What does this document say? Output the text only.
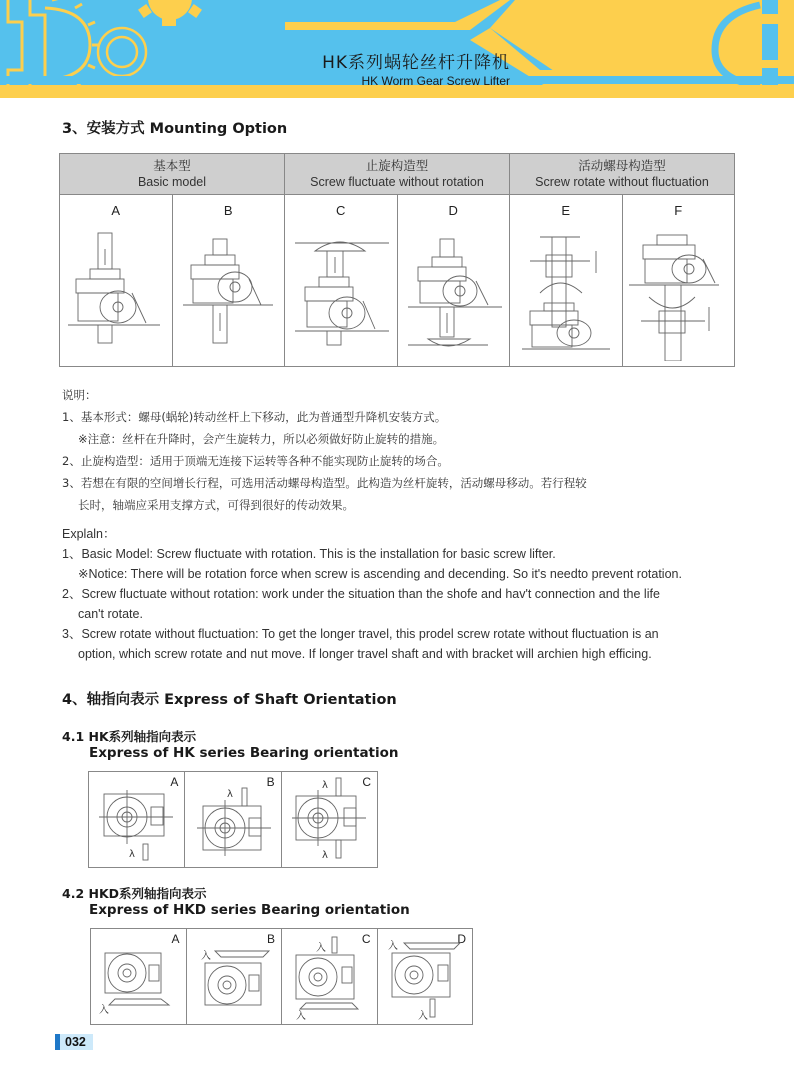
HK系列蜗轮丝杆升降机
HK Worm Gear Screw Lifter
3、安装方式 Mounting Option
基本型
Basic model
止旋构造型
Screw fluctuate without rotation
活动螺母构造型
Screw rotate without fluctuation
A	B	C	D	E	F
说明：
1、基本形式：螺母(蜗轮)转动丝杆上下移动，此为普通型升降机安装方式。
※注意：丝杆在升降时，会产生旋转力，所以必须做好防止旋转的措施。
2、止旋构造型：适用于顶端无连接下运转等各种不能实现防止旋转的场合。
3、若想在有限的空间增长行程，可选用活动螺母构造型。此构造为丝杆旋转，活动螺母移动。若行程较
长时，轴端应采用支撑方式，可得到很好的传动效果。
Explaln：
1、Basic Model: Screw fluctuate with rotation. This is the installation for basic screw lifter.
※Notice: There will be rotation force when screw is ascending and decending. So it's needto prevent rotation.
2、Screw fluctuate without rotation: work under the situation than the shofe and hav't connection and the life
can't rotate.
3、Screw rotate without fluctuation: To get the longer travel, this prodel screw rotate without fluctuation is an
option, which screw rotate and nut move. If longer travel shaft and with bracket will archien high efficing.
4、轴指向表示 Express of Shaft Orientation
4.1 HK系列轴指向表示
Express of HK series Bearing orientation
A
λ
B
λ
C
λ
λ
4.2 HKD系列轴指向表示
Express of HKD series Bearing orientation
A
入
B
入
C
入
入
D
入
入
032
